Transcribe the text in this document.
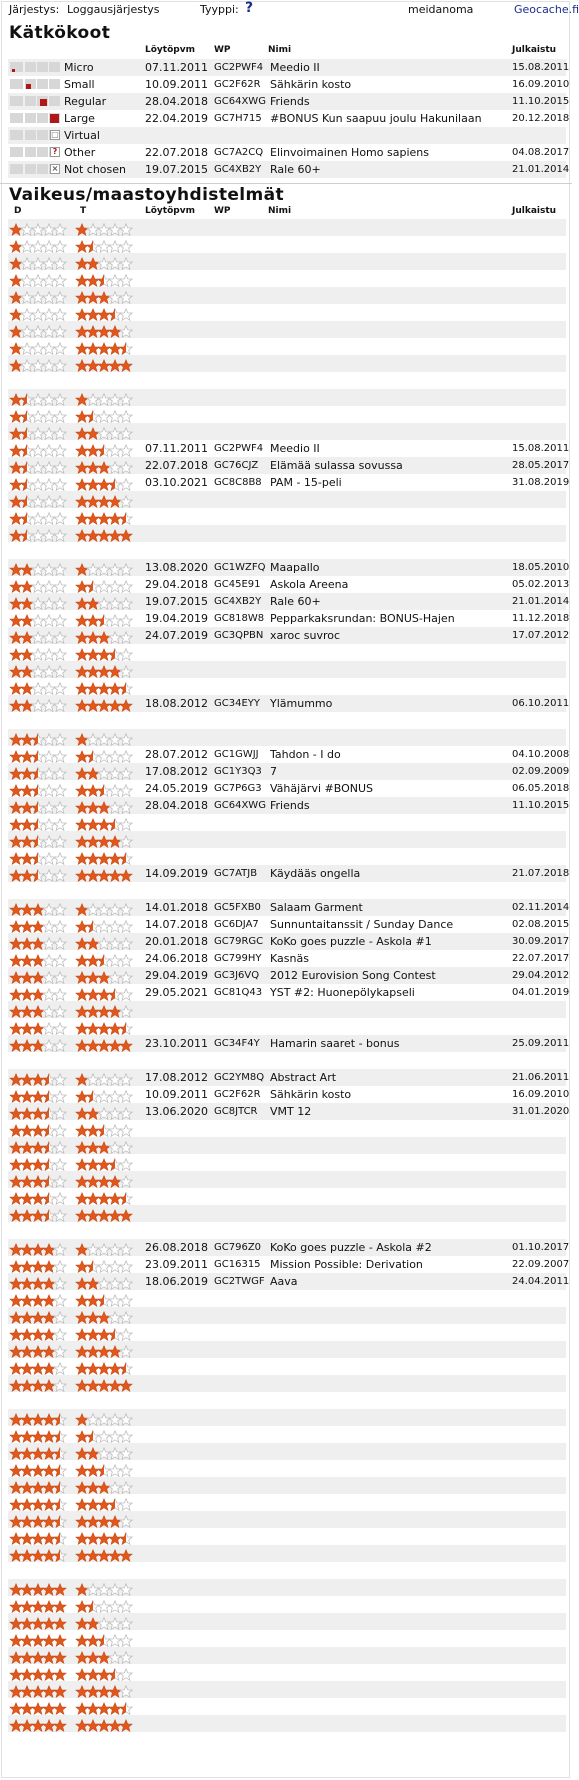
Järjestys: Loggausjärjestys	Tyyppi: ?	meidanoma	Geocache.fi
Kätkökoot
Löytöpvm WP	Nimi	Julkaistu
Micro	07.11.2011 GC2PWF4 Meedio II	15.08.2011
Small	10.09.2011 GC2F62R Sähkärin kosto	16.09.2010
Regular	28.04.2018 GC64XWG Friends	11.10.2015
Large	22.04.2019 GC7H715 #BONUS Kun saapuu joulu Hakunilaan	20.12.2018
□ Virtual
? Other	22.07.2018 GC7A2CQ Elinvoimainen Homo sapiens	04.08.2017
× Not chosen 19.07.2015 GC4XB2Y Rale 60+	21.01.2014
Vaikeus/maastoyhdistelmät
D	T	Löytöpvm WP	Nimi	Julkaistu
07.11.2011 GC2PWF4 Meedio II	15.08.2011
22.07.2018 GC76CJZ Elämää sulassa sovussa	28.05.2017
03.10.2021 GC8C8B8 PAM - 15-peli	31.08.2019
13.08.2020 GC1WZFQ Maapallo	18.05.2010
29.04.2018 GC45E91 Askola Areena	05.02.2013
19.07.2015 GC4XB2Y Rale 60+	21.01.2014
19.04.2019 GC818W8 Pepparkaksrundan: BONUS-Hajen	11.12.2018
24.07.2019 GC3QPBN xaroc suvroc	17.07.2012
18.08.2012 GC34EYY Ylämummo	06.10.2011
28.07.2012 GC1GWJJ Tahdon - I do	04.10.2008
17.08.2012 GC1Y3Q3 7	02.09.2009
24.05.2019 GC7P6G3 Vähäjärvi #BONUS	06.05.2018
28.04.2018 GC64XWG Friends	11.10.2015
14.09.2019 GC7ATJB Käydääs ongella	21.07.2018
14.01.2018 GC5FXB0 Salaam Garment	02.11.2014
14.07.2018 GC6DJA7 Sunnuntaitanssit / Sunday Dance	02.08.2015
20.01.2018 GC79RGC KoKo goes puzzle - Askola #1	30.09.2017
24.06.2018 GC799HY Kasnäs	22.07.2017
29.04.2019 GC3J6VQ 2012 Eurovision Song Contest	29.04.2012
29.05.2021 GC81Q43 YST #2: Huonepölykapseli	04.01.2019
23.10.2011 GC34F4Y Hamarin saaret - bonus	25.09.2011
17.08.2012 GC2YM8Q Abstract Art	21.06.2011
10.09.2011 GC2F62R Sähkärin kosto	16.09.2010
13.06.2020 GC8JTCR VMT 12	31.01.2020
26.08.2018 GC796Z0 KoKo goes puzzle - Askola #2	01.10.2017
23.09.2011 GC16315 Mission Possible: Derivation	22.09.2007
18.06.2019 GC2TWGF Aava	24.04.2011
